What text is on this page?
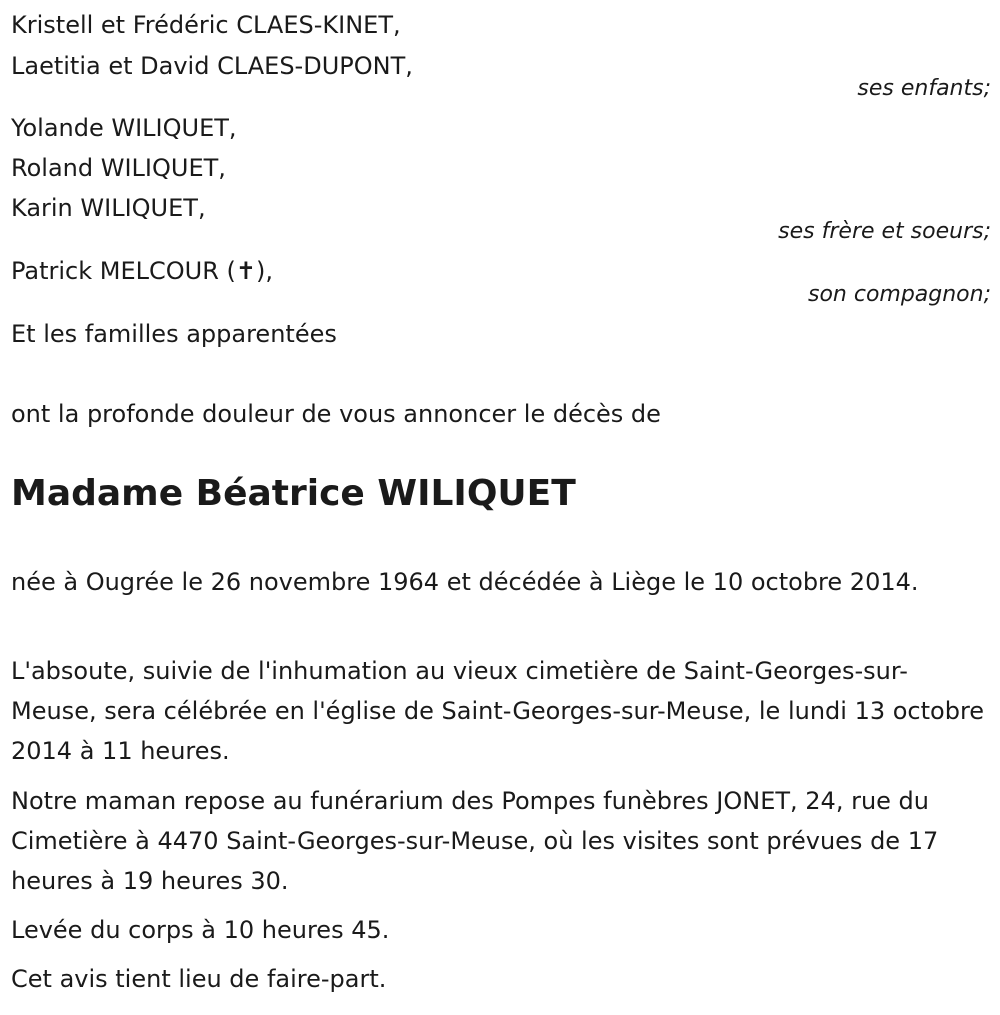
Kristell et Frédéric CLAES-KINET,
Laetitia et David CLAES-DUPONT,
ses enfants;
Yolande WILIQUET,
Roland WILIQUET,
Karin WILIQUET,
ses frère et soeurs;
Patrick MELCOUR (✝),
son compagnon;
Et les familles apparentées
ont la profonde douleur de vous annoncer le décès de
Madame Béatrice WILIQUET
née à Ougrée le 26 novembre 1964 et décédée à Liège le 10 octobre 2014.
L'absoute, suivie de l'inhumation au vieux cimetière de Saint-Georges-sur-Meuse, sera célébrée en l'église de Saint-Georges-sur-Meuse, le lundi 13 octobre 2014 à 11 heures.
Notre maman repose au funérarium des Pompes funèbres JONET, 24, rue du Cimetière à 4470 Saint-Georges-sur-Meuse, où les visites sont prévues de 17 heures à 19 heures 30.
Levée du corps à 10 heures 45.
Cet avis tient lieu de faire-part.
